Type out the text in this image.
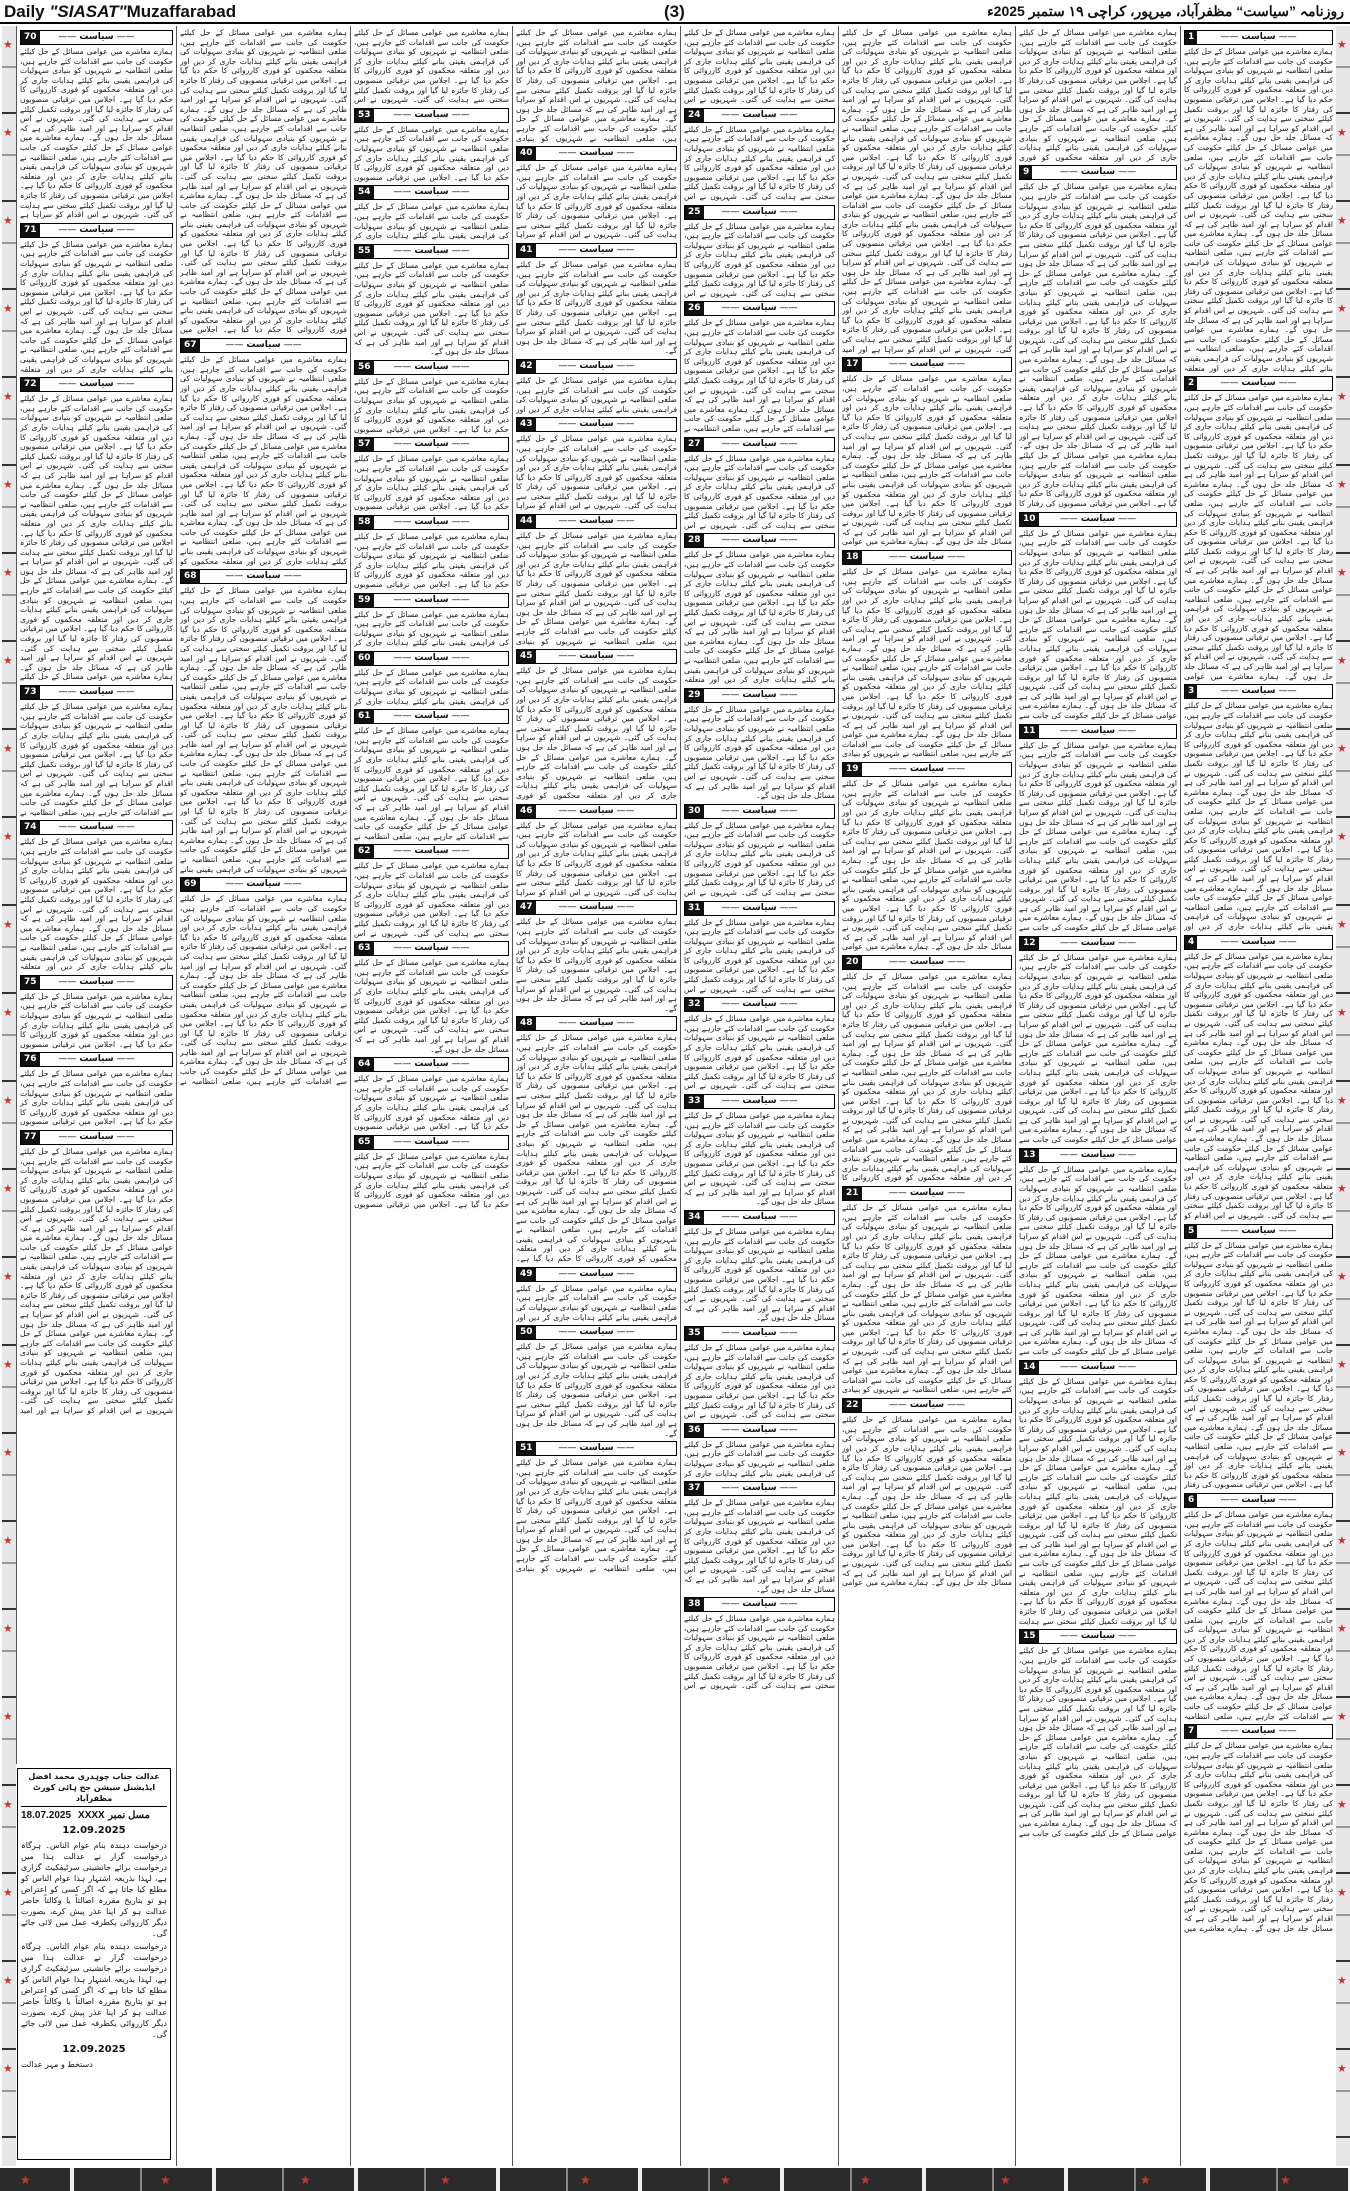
Daily "SIASAT"Muzaffarabad	(3)	روزنامہ ”سیاست“ مظفرآباد، میرپور، کراچی ۱۹ ستمبر 2025ء
★
★
★
★
★
★
★
★
★
★
★
★
★
★
★
★
★
★
★
★
★
★
★
★
★
★
★
★
★
★
★
★
★
★
★
★
★
★
★
★
★
★
★
★
★
★
★
★
—— سیاست ——
1

ہمارے معاشرے میں عوامی مسائل کے حل کیلئے حکومت کی جانب سے اقدامات کئے جارہے ہیں، ضلعی انتظامیہ نے شہریوں کو بنیادی سہولیات کی فراہمی یقینی بنانے کیلئے ہدایات جاری کر دیں اور متعلقہ محکموں کو فوری کارروائی کا حکم دیا گیا ہے۔ اجلاس میں ترقیاتی منصوبوں کی رفتار کا جائزہ لیا گیا اور بروقت تکمیل کیلئے سختی سے ہدایت کی گئی۔ شہریوں نے اس اقدام کو سراہا ہے اور امید ظاہر کی ہے کہ مسائل جلد حل ہوں گے۔ ہمارے معاشرے میں عوامی مسائل کے حل کیلئے حکومت کی جانب سے اقدامات کئے جارہے ہیں، ضلعی انتظامیہ نے شہریوں کو بنیادی سہولیات کی فراہمی یقینی بنانے کیلئے ہدایات جاری کر دیں اور متعلقہ محکموں کو فوری کارروائی کا حکم دیا گیا ہے۔ اجلاس میں ترقیاتی منصوبوں کی رفتار کا جائزہ لیا گیا اور بروقت تکمیل کیلئے سختی سے ہدایت کی گئی۔ شہریوں نے اس اقدام کو سراہا ہے اور امید ظاہر کی ہے کہ مسائل جلد حل ہوں گے۔ ہمارے معاشرے میں عوامی مسائل کے حل کیلئے حکومت کی جانب سے اقدامات کئے جارہے ہیں، ضلعی انتظامیہ نے شہریوں کو بنیادی سہولیات کی فراہمی یقینی بنانے کیلئے ہدایات جاری کر دیں اور متعلقہ محکموں کو فوری کارروائی کا حکم دیا گیا ہے۔ اجلاس میں ترقیاتی منصوبوں کی رفتار کا جائزہ لیا گیا اور بروقت تکمیل کیلئے سختی سے ہدایت کی گئی۔ شہریوں نے اس اقدام کو سراہا ہے اور امید ظاہر کی ہے کہ مسائل جلد حل ہوں گے۔ ہمارے معاشرے میں عوامی مسائل کے حل کیلئے حکومت کی جانب سے اقدامات کئے جارہے ہیں، ضلعی انتظامیہ نے شہریوں کو بنیادی سہولیات کی فراہمی یقینی بنانے کیلئے ہدایات جاری کر دیں اور متعلقہ

—— سیاست ——
2

ہمارے معاشرے میں عوامی مسائل کے حل کیلئے حکومت کی جانب سے اقدامات کئے جارہے ہیں، ضلعی انتظامیہ نے شہریوں کو بنیادی سہولیات کی فراہمی یقینی بنانے کیلئے ہدایات جاری کر دیں اور متعلقہ محکموں کو فوری کارروائی کا حکم دیا گیا ہے۔ اجلاس میں ترقیاتی منصوبوں کی رفتار کا جائزہ لیا گیا اور بروقت تکمیل کیلئے سختی سے ہدایت کی گئی۔ شہریوں نے اس اقدام کو سراہا ہے اور امید ظاہر کی ہے کہ مسائل جلد حل ہوں گے۔ ہمارے معاشرے میں عوامی مسائل کے حل کیلئے حکومت کی جانب سے اقدامات کئے جارہے ہیں، ضلعی انتظامیہ نے شہریوں کو بنیادی سہولیات کی فراہمی یقینی بنانے کیلئے ہدایات جاری کر دیں اور متعلقہ محکموں کو فوری کارروائی کا حکم دیا گیا ہے۔ اجلاس میں ترقیاتی منصوبوں کی رفتار کا جائزہ لیا گیا اور بروقت تکمیل کیلئے سختی سے ہدایت کی گئی۔ شہریوں نے اس اقدام کو سراہا ہے اور امید ظاہر کی ہے کہ مسائل جلد حل ہوں گے۔ ہمارے معاشرے میں عوامی مسائل کے حل کیلئے حکومت کی جانب سے اقدامات کئے جارہے ہیں، ضلعی انتظامیہ نے شہریوں کو بنیادی سہولیات کی فراہمی یقینی بنانے کیلئے ہدایات جاری کر دیں اور متعلقہ محکموں کو فوری کارروائی کا حکم دیا گیا ہے۔ اجلاس میں ترقیاتی منصوبوں کی رفتار کا جائزہ لیا گیا اور بروقت تکمیل کیلئے سختی سے ہدایت کی گئی۔ شہریوں نے اس اقدام کو سراہا ہے اور امید ظاہر کی ہے کہ مسائل جلد حل ہوں گے۔ ہمارے معاشرے میں عوامی

—— سیاست ——
3

ہمارے معاشرے میں عوامی مسائل کے حل کیلئے حکومت کی جانب سے اقدامات کئے جارہے ہیں، ضلعی انتظامیہ نے شہریوں کو بنیادی سہولیات کی فراہمی یقینی بنانے کیلئے ہدایات جاری کر دیں اور متعلقہ محکموں کو فوری کارروائی کا حکم دیا گیا ہے۔ اجلاس میں ترقیاتی منصوبوں کی رفتار کا جائزہ لیا گیا اور بروقت تکمیل کیلئے سختی سے ہدایت کی گئی۔ شہریوں نے اس اقدام کو سراہا ہے اور امید ظاہر کی ہے کہ مسائل جلد حل ہوں گے۔ ہمارے معاشرے میں عوامی مسائل کے حل کیلئے حکومت کی جانب سے اقدامات کئے جارہے ہیں، ضلعی انتظامیہ نے شہریوں کو بنیادی سہولیات کی فراہمی یقینی بنانے کیلئے ہدایات جاری کر دیں اور متعلقہ محکموں کو فوری کارروائی کا حکم دیا گیا ہے۔ اجلاس میں ترقیاتی منصوبوں کی رفتار کا جائزہ لیا گیا اور بروقت تکمیل کیلئے سختی سے ہدایت کی گئی۔ شہریوں نے اس اقدام کو سراہا ہے اور امید ظاہر کی ہے کہ مسائل جلد حل ہوں گے۔ ہمارے معاشرے میں عوامی مسائل کے حل کیلئے حکومت کی جانب سے اقدامات کئے جارہے ہیں، ضلعی انتظامیہ نے شہریوں کو بنیادی سہولیات کی فراہمی یقینی بنانے کیلئے ہدایات جاری کر دیں اور

—— سیاست ——
4

ہمارے معاشرے میں عوامی مسائل کے حل کیلئے حکومت کی جانب سے اقدامات کئے جارہے ہیں، ضلعی انتظامیہ نے شہریوں کو بنیادی سہولیات کی فراہمی یقینی بنانے کیلئے ہدایات جاری کر دیں اور متعلقہ محکموں کو فوری کارروائی کا حکم دیا گیا ہے۔ اجلاس میں ترقیاتی منصوبوں کی رفتار کا جائزہ لیا گیا اور بروقت تکمیل کیلئے سختی سے ہدایت کی گئی۔ شہریوں نے اس اقدام کو سراہا ہے اور امید ظاہر کی ہے کہ مسائل جلد حل ہوں گے۔ ہمارے معاشرے میں عوامی مسائل کے حل کیلئے حکومت کی جانب سے اقدامات کئے جارہے ہیں، ضلعی انتظامیہ نے شہریوں کو بنیادی سہولیات کی فراہمی یقینی بنانے کیلئے ہدایات جاری کر دیں اور متعلقہ محکموں کو فوری کارروائی کا حکم دیا گیا ہے۔ اجلاس میں ترقیاتی منصوبوں کی رفتار کا جائزہ لیا گیا اور بروقت تکمیل کیلئے سختی سے ہدایت کی گئی۔ شہریوں نے اس اقدام کو سراہا ہے اور امید ظاہر کی ہے کہ مسائل جلد حل ہوں گے۔ ہمارے معاشرے میں عوامی مسائل کے حل کیلئے حکومت کی جانب سے اقدامات کئے جارہے ہیں، ضلعی انتظامیہ نے شہریوں کو بنیادی سہولیات کی فراہمی یقینی بنانے کیلئے ہدایات جاری کر دیں اور متعلقہ محکموں کو فوری کارروائی کا حکم دیا گیا ہے۔ اجلاس میں ترقیاتی منصوبوں کی رفتار کا جائزہ لیا گیا اور بروقت تکمیل کیلئے سختی سے ہدایت کی گئی۔ شہریوں نے اس اقدام کو

—— سیاست ——
5

ہمارے معاشرے میں عوامی مسائل کے حل کیلئے حکومت کی جانب سے اقدامات کئے جارہے ہیں، ضلعی انتظامیہ نے شہریوں کو بنیادی سہولیات کی فراہمی یقینی بنانے کیلئے ہدایات جاری کر دیں اور متعلقہ محکموں کو فوری کارروائی کا حکم دیا گیا ہے۔ اجلاس میں ترقیاتی منصوبوں کی رفتار کا جائزہ لیا گیا اور بروقت تکمیل کیلئے سختی سے ہدایت کی گئی۔ شہریوں نے اس اقدام کو سراہا ہے اور امید ظاہر کی ہے کہ مسائل جلد حل ہوں گے۔ ہمارے معاشرے میں عوامی مسائل کے حل کیلئے حکومت کی جانب سے اقدامات کئے جارہے ہیں، ضلعی انتظامیہ نے شہریوں کو بنیادی سہولیات کی فراہمی یقینی بنانے کیلئے ہدایات جاری کر دیں اور متعلقہ محکموں کو فوری کارروائی کا حکم دیا گیا ہے۔ اجلاس میں ترقیاتی منصوبوں کی رفتار کا جائزہ لیا گیا اور بروقت تکمیل کیلئے سختی سے ہدایت کی گئی۔ شہریوں نے اس اقدام کو سراہا ہے اور امید ظاہر کی ہے کہ مسائل جلد حل ہوں گے۔ ہمارے معاشرے میں عوامی مسائل کے حل کیلئے حکومت کی جانب سے اقدامات کئے جارہے ہیں، ضلعی انتظامیہ نے شہریوں کو بنیادی سہولیات کی فراہمی یقینی بنانے کیلئے ہدایات جاری کر دیں اور متعلقہ محکموں کو فوری کارروائی کا حکم دیا گیا ہے۔ اجلاس میں ترقیاتی منصوبوں کی رفتار

—— سیاست ——
6

ہمارے معاشرے میں عوامی مسائل کے حل کیلئے حکومت کی جانب سے اقدامات کئے جارہے ہیں، ضلعی انتظامیہ نے شہریوں کو بنیادی سہولیات کی فراہمی یقینی بنانے کیلئے ہدایات جاری کر دیں اور متعلقہ محکموں کو فوری کارروائی کا حکم دیا گیا ہے۔ اجلاس میں ترقیاتی منصوبوں کی رفتار کا جائزہ لیا گیا اور بروقت تکمیل کیلئے سختی سے ہدایت کی گئی۔ شہریوں نے اس اقدام کو سراہا ہے اور امید ظاہر کی ہے کہ مسائل جلد حل ہوں گے۔ ہمارے معاشرے میں عوامی مسائل کے حل کیلئے حکومت کی جانب سے اقدامات کئے جارہے ہیں، ضلعی انتظامیہ نے شہریوں کو بنیادی سہولیات کی فراہمی یقینی بنانے کیلئے ہدایات جاری کر دیں اور متعلقہ محکموں کو فوری کارروائی کا حکم دیا گیا ہے۔ اجلاس میں ترقیاتی منصوبوں کی رفتار کا جائزہ لیا گیا اور بروقت تکمیل کیلئے سختی سے ہدایت کی گئی۔ شہریوں نے اس اقدام کو سراہا ہے اور امید ظاہر کی ہے کہ مسائل جلد حل ہوں گے۔ ہمارے معاشرے میں عوامی مسائل کے حل کیلئے حکومت کی جانب سے اقدامات کئے جارہے ہیں، ضلعی انتظامیہ

—— سیاست ——
7

ہمارے معاشرے میں عوامی مسائل کے حل کیلئے حکومت کی جانب سے اقدامات کئے جارہے ہیں، ضلعی انتظامیہ نے شہریوں کو بنیادی سہولیات کی فراہمی یقینی بنانے کیلئے ہدایات جاری کر دیں اور متعلقہ محکموں کو فوری کارروائی کا حکم دیا گیا ہے۔ اجلاس میں ترقیاتی منصوبوں کی رفتار کا جائزہ لیا گیا اور بروقت تکمیل کیلئے سختی سے ہدایت کی گئی۔ شہریوں نے اس اقدام کو سراہا ہے اور امید ظاہر کی ہے کہ مسائل جلد حل ہوں گے۔ ہمارے معاشرے میں عوامی مسائل کے حل کیلئے حکومت کی جانب سے اقدامات کئے جارہے ہیں، ضلعی انتظامیہ نے شہریوں کو بنیادی سہولیات کی فراہمی یقینی بنانے کیلئے ہدایات جاری کر دیں اور متعلقہ محکموں کو فوری کارروائی کا حکم دیا گیا ہے۔ اجلاس میں ترقیاتی منصوبوں کی رفتار کا جائزہ لیا گیا اور بروقت تکمیل کیلئے سختی سے ہدایت کی گئی۔ شہریوں نے اس اقدام کو سراہا ہے اور امید ظاہر کی ہے کہ مسائل جلد حل ہوں گے۔ ہمارے معاشرے میں

ہمارے معاشرے میں عوامی مسائل کے حل کیلئے حکومت کی جانب سے اقدامات کئے جارہے ہیں، ضلعی انتظامیہ نے شہریوں کو بنیادی سہولیات کی فراہمی یقینی بنانے کیلئے ہدایات جاری کر دیں اور متعلقہ محکموں کو فوری کارروائی کا حکم دیا گیا ہے۔ اجلاس میں ترقیاتی منصوبوں کی رفتار کا جائزہ لیا گیا اور بروقت تکمیل کیلئے سختی سے ہدایت کی گئی۔ شہریوں نے اس اقدام کو سراہا ہے اور امید ظاہر کی ہے کہ مسائل جلد حل ہوں گے۔ ہمارے معاشرے میں عوامی مسائل کے حل کیلئے حکومت کی جانب سے اقدامات کئے جارہے ہیں، ضلعی انتظامیہ نے شہریوں کو بنیادی سہولیات کی فراہمی یقینی بنانے کیلئے ہدایات جاری کر دیں اور متعلقہ محکموں کو فوری

—— سیاست ——
9

ہمارے معاشرے میں عوامی مسائل کے حل کیلئے حکومت کی جانب سے اقدامات کئے جارہے ہیں، ضلعی انتظامیہ نے شہریوں کو بنیادی سہولیات کی فراہمی یقینی بنانے کیلئے ہدایات جاری کر دیں اور متعلقہ محکموں کو فوری کارروائی کا حکم دیا گیا ہے۔ اجلاس میں ترقیاتی منصوبوں کی رفتار کا جائزہ لیا گیا اور بروقت تکمیل کیلئے سختی سے ہدایت کی گئی۔ شہریوں نے اس اقدام کو سراہا ہے اور امید ظاہر کی ہے کہ مسائل جلد حل ہوں گے۔ ہمارے معاشرے میں عوامی مسائل کے حل کیلئے حکومت کی جانب سے اقدامات کئے جارہے ہیں، ضلعی انتظامیہ نے شہریوں کو بنیادی سہولیات کی فراہمی یقینی بنانے کیلئے ہدایات جاری کر دیں اور متعلقہ محکموں کو فوری کارروائی کا حکم دیا گیا ہے۔ اجلاس میں ترقیاتی منصوبوں کی رفتار کا جائزہ لیا گیا اور بروقت تکمیل کیلئے سختی سے ہدایت کی گئی۔ شہریوں نے اس اقدام کو سراہا ہے اور امید ظاہر کی ہے کہ مسائل جلد حل ہوں گے۔ ہمارے معاشرے میں عوامی مسائل کے حل کیلئے حکومت کی جانب سے اقدامات کئے جارہے ہیں، ضلعی انتظامیہ نے شہریوں کو بنیادی سہولیات کی فراہمی یقینی بنانے کیلئے ہدایات جاری کر دیں اور متعلقہ محکموں کو فوری کارروائی کا حکم دیا گیا ہے۔ اجلاس میں ترقیاتی منصوبوں کی رفتار کا جائزہ لیا گیا اور بروقت تکمیل کیلئے سختی سے ہدایت کی گئی۔ شہریوں نے اس اقدام کو سراہا ہے اور امید ظاہر کی ہے کہ مسائل جلد حل ہوں گے۔ ہمارے معاشرے میں عوامی مسائل کے حل کیلئے حکومت کی جانب سے اقدامات کئے جارہے ہیں، ضلعی انتظامیہ نے شہریوں کو بنیادی سہولیات کی فراہمی یقینی بنانے کیلئے ہدایات جاری کر دیں اور متعلقہ محکموں کو فوری کارروائی کا حکم دیا گیا ہے۔ اجلاس میں ترقیاتی منصوبوں کی رفتار کا

—— سیاست ——
10

ہمارے معاشرے میں عوامی مسائل کے حل کیلئے حکومت کی جانب سے اقدامات کئے جارہے ہیں، ضلعی انتظامیہ نے شہریوں کو بنیادی سہولیات کی فراہمی یقینی بنانے کیلئے ہدایات جاری کر دیں اور متعلقہ محکموں کو فوری کارروائی کا حکم دیا گیا ہے۔ اجلاس میں ترقیاتی منصوبوں کی رفتار کا جائزہ لیا گیا اور بروقت تکمیل کیلئے سختی سے ہدایت کی گئی۔ شہریوں نے اس اقدام کو سراہا ہے اور امید ظاہر کی ہے کہ مسائل جلد حل ہوں گے۔ ہمارے معاشرے میں عوامی مسائل کے حل کیلئے حکومت کی جانب سے اقدامات کئے جارہے ہیں، ضلعی انتظامیہ نے شہریوں کو بنیادی سہولیات کی فراہمی یقینی بنانے کیلئے ہدایات جاری کر دیں اور متعلقہ محکموں کو فوری کارروائی کا حکم دیا گیا ہے۔ اجلاس میں ترقیاتی منصوبوں کی رفتار کا جائزہ لیا گیا اور بروقت تکمیل کیلئے سختی سے ہدایت کی گئی۔ شہریوں نے اس اقدام کو سراہا ہے اور امید ظاہر کی ہے کہ مسائل جلد حل ہوں گے۔ ہمارے معاشرے میں عوامی مسائل کے حل کیلئے حکومت کی جانب سے

—— سیاست ——
11

ہمارے معاشرے میں عوامی مسائل کے حل کیلئے حکومت کی جانب سے اقدامات کئے جارہے ہیں، ضلعی انتظامیہ نے شہریوں کو بنیادی سہولیات کی فراہمی یقینی بنانے کیلئے ہدایات جاری کر دیں اور متعلقہ محکموں کو فوری کارروائی کا حکم دیا گیا ہے۔ اجلاس میں ترقیاتی منصوبوں کی رفتار کا جائزہ لیا گیا اور بروقت تکمیل کیلئے سختی سے ہدایت کی گئی۔ شہریوں نے اس اقدام کو سراہا ہے اور امید ظاہر کی ہے کہ مسائل جلد حل ہوں گے۔ ہمارے معاشرے میں عوامی مسائل کے حل کیلئے حکومت کی جانب سے اقدامات کئے جارہے ہیں، ضلعی انتظامیہ نے شہریوں کو بنیادی سہولیات کی فراہمی یقینی بنانے کیلئے ہدایات جاری کر دیں اور متعلقہ محکموں کو فوری کارروائی کا حکم دیا گیا ہے۔ اجلاس میں ترقیاتی منصوبوں کی رفتار کا جائزہ لیا گیا اور بروقت تکمیل کیلئے سختی سے ہدایت کی گئی۔ شہریوں نے اس اقدام کو سراہا ہے اور امید ظاہر کی ہے کہ مسائل جلد حل ہوں گے۔ ہمارے معاشرے میں عوامی مسائل کے حل کیلئے حکومت کی جانب سے

—— سیاست ——
12

ہمارے معاشرے میں عوامی مسائل کے حل کیلئے حکومت کی جانب سے اقدامات کئے جارہے ہیں، ضلعی انتظامیہ نے شہریوں کو بنیادی سہولیات کی فراہمی یقینی بنانے کیلئے ہدایات جاری کر دیں اور متعلقہ محکموں کو فوری کارروائی کا حکم دیا گیا ہے۔ اجلاس میں ترقیاتی منصوبوں کی رفتار کا جائزہ لیا گیا اور بروقت تکمیل کیلئے سختی سے ہدایت کی گئی۔ شہریوں نے اس اقدام کو سراہا ہے اور امید ظاہر کی ہے کہ مسائل جلد حل ہوں گے۔ ہمارے معاشرے میں عوامی مسائل کے حل کیلئے حکومت کی جانب سے اقدامات کئے جارہے ہیں، ضلعی انتظامیہ نے شہریوں کو بنیادی سہولیات کی فراہمی یقینی بنانے کیلئے ہدایات جاری کر دیں اور متعلقہ محکموں کو فوری کارروائی کا حکم دیا گیا ہے۔ اجلاس میں ترقیاتی منصوبوں کی رفتار کا جائزہ لیا گیا اور بروقت تکمیل کیلئے سختی سے ہدایت کی گئی۔ شہریوں نے اس اقدام کو سراہا ہے اور امید ظاہر کی ہے کہ مسائل جلد حل ہوں گے۔ ہمارے معاشرے میں عوامی مسائل کے حل کیلئے حکومت کی جانب سے

—— سیاست ——
13

ہمارے معاشرے میں عوامی مسائل کے حل کیلئے حکومت کی جانب سے اقدامات کئے جارہے ہیں، ضلعی انتظامیہ نے شہریوں کو بنیادی سہولیات کی فراہمی یقینی بنانے کیلئے ہدایات جاری کر دیں اور متعلقہ محکموں کو فوری کارروائی کا حکم دیا گیا ہے۔ اجلاس میں ترقیاتی منصوبوں کی رفتار کا جائزہ لیا گیا اور بروقت تکمیل کیلئے سختی سے ہدایت کی گئی۔ شہریوں نے اس اقدام کو سراہا ہے اور امید ظاہر کی ہے کہ مسائل جلد حل ہوں گے۔ ہمارے معاشرے میں عوامی مسائل کے حل کیلئے حکومت کی جانب سے اقدامات کئے جارہے ہیں، ضلعی انتظامیہ نے شہریوں کو بنیادی سہولیات کی فراہمی یقینی بنانے کیلئے ہدایات جاری کر دیں اور متعلقہ محکموں کو فوری کارروائی کا حکم دیا گیا ہے۔ اجلاس میں ترقیاتی منصوبوں کی رفتار کا جائزہ لیا گیا اور بروقت تکمیل کیلئے سختی سے ہدایت کی گئی۔ شہریوں نے اس اقدام کو سراہا ہے اور امید ظاہر کی ہے کہ مسائل جلد حل ہوں گے۔ ہمارے معاشرے میں عوامی مسائل کے حل کیلئے حکومت کی جانب سے

—— سیاست ——
14

ہمارے معاشرے میں عوامی مسائل کے حل کیلئے حکومت کی جانب سے اقدامات کئے جارہے ہیں، ضلعی انتظامیہ نے شہریوں کو بنیادی سہولیات کی فراہمی یقینی بنانے کیلئے ہدایات جاری کر دیں اور متعلقہ محکموں کو فوری کارروائی کا حکم دیا گیا ہے۔ اجلاس میں ترقیاتی منصوبوں کی رفتار کا جائزہ لیا گیا اور بروقت تکمیل کیلئے سختی سے ہدایت کی گئی۔ شہریوں نے اس اقدام کو سراہا ہے اور امید ظاہر کی ہے کہ مسائل جلد حل ہوں گے۔ ہمارے معاشرے میں عوامی مسائل کے حل کیلئے حکومت کی جانب سے اقدامات کئے جارہے ہیں، ضلعی انتظامیہ نے شہریوں کو بنیادی سہولیات کی فراہمی یقینی بنانے کیلئے ہدایات جاری کر دیں اور متعلقہ محکموں کو فوری کارروائی کا حکم دیا گیا ہے۔ اجلاس میں ترقیاتی منصوبوں کی رفتار کا جائزہ لیا گیا اور بروقت تکمیل کیلئے سختی سے ہدایت کی گئی۔ شہریوں نے اس اقدام کو سراہا ہے اور امید ظاہر کی ہے کہ مسائل جلد حل ہوں گے۔ ہمارے معاشرے میں عوامی مسائل کے حل کیلئے حکومت کی جانب سے اقدامات کئے جارہے ہیں، ضلعی انتظامیہ نے شہریوں کو بنیادی سہولیات کی فراہمی یقینی بنانے کیلئے ہدایات جاری کر دیں اور متعلقہ محکموں کو فوری کارروائی کا حکم دیا گیا ہے۔ اجلاس میں ترقیاتی منصوبوں کی رفتار کا جائزہ لیا گیا اور بروقت تکمیل کیلئے سختی سے ہدایت

—— سیاست ——
15

ہمارے معاشرے میں عوامی مسائل کے حل کیلئے حکومت کی جانب سے اقدامات کئے جارہے ہیں، ضلعی انتظامیہ نے شہریوں کو بنیادی سہولیات کی فراہمی یقینی بنانے کیلئے ہدایات جاری کر دیں اور متعلقہ محکموں کو فوری کارروائی کا حکم دیا گیا ہے۔ اجلاس میں ترقیاتی منصوبوں کی رفتار کا جائزہ لیا گیا اور بروقت تکمیل کیلئے سختی سے ہدایت کی گئی۔ شہریوں نے اس اقدام کو سراہا ہے اور امید ظاہر کی ہے کہ مسائل جلد حل ہوں گے۔ ہمارے معاشرے میں عوامی مسائل کے حل کیلئے حکومت کی جانب سے اقدامات کئے جارہے ہیں، ضلعی انتظامیہ نے شہریوں کو بنیادی سہولیات کی فراہمی یقینی بنانے کیلئے ہدایات جاری کر دیں اور متعلقہ محکموں کو فوری کارروائی کا حکم دیا گیا ہے۔ اجلاس میں ترقیاتی منصوبوں کی رفتار کا جائزہ لیا گیا اور بروقت تکمیل کیلئے سختی سے ہدایت کی گئی۔ شہریوں نے اس اقدام کو سراہا ہے اور امید ظاہر کی ہے کہ مسائل جلد حل ہوں گے۔ ہمارے معاشرے میں عوامی مسائل کے حل کیلئے حکومت کی جانب سے

ہمارے معاشرے میں عوامی مسائل کے حل کیلئے حکومت کی جانب سے اقدامات کئے جارہے ہیں، ضلعی انتظامیہ نے شہریوں کو بنیادی سہولیات کی فراہمی یقینی بنانے کیلئے ہدایات جاری کر دیں اور متعلقہ محکموں کو فوری کارروائی کا حکم دیا گیا ہے۔ اجلاس میں ترقیاتی منصوبوں کی رفتار کا جائزہ لیا گیا اور بروقت تکمیل کیلئے سختی سے ہدایت کی گئی۔ شہریوں نے اس اقدام کو سراہا ہے اور امید ظاہر کی ہے کہ مسائل جلد حل ہوں گے۔ ہمارے معاشرے میں عوامی مسائل کے حل کیلئے حکومت کی جانب سے اقدامات کئے جارہے ہیں، ضلعی انتظامیہ نے شہریوں کو بنیادی سہولیات کی فراہمی یقینی بنانے کیلئے ہدایات جاری کر دیں اور متعلقہ محکموں کو فوری کارروائی کا حکم دیا گیا ہے۔ اجلاس میں ترقیاتی منصوبوں کی رفتار کا جائزہ لیا گیا اور بروقت تکمیل کیلئے سختی سے ہدایت کی گئی۔ شہریوں نے اس اقدام کو سراہا ہے اور امید ظاہر کی ہے کہ مسائل جلد حل ہوں گے۔ ہمارے معاشرے میں عوامی مسائل کے حل کیلئے حکومت کی جانب سے اقدامات کئے جارہے ہیں، ضلعی انتظامیہ نے شہریوں کو بنیادی سہولیات کی فراہمی یقینی بنانے کیلئے ہدایات جاری کر دیں اور متعلقہ محکموں کو فوری کارروائی کا حکم دیا گیا ہے۔ اجلاس میں ترقیاتی منصوبوں کی رفتار کا جائزہ لیا گیا اور بروقت تکمیل کیلئے سختی سے ہدایت کی گئی۔ شہریوں نے اس اقدام کو سراہا ہے اور امید ظاہر کی ہے کہ مسائل جلد حل ہوں گے۔ ہمارے معاشرے میں عوامی مسائل کے حل کیلئے حکومت کی جانب سے اقدامات کئے جارہے ہیں، ضلعی انتظامیہ نے شہریوں کو بنیادی سہولیات کی فراہمی یقینی بنانے کیلئے ہدایات جاری کر دیں اور متعلقہ محکموں کو فوری کارروائی کا حکم دیا گیا ہے۔ اجلاس میں ترقیاتی منصوبوں کی رفتار کا جائزہ لیا گیا اور بروقت تکمیل کیلئے سختی سے ہدایت کی گئی۔ شہریوں نے اس اقدام کو سراہا ہے اور امید

—— سیاست ——
17

ہمارے معاشرے میں عوامی مسائل کے حل کیلئے حکومت کی جانب سے اقدامات کئے جارہے ہیں، ضلعی انتظامیہ نے شہریوں کو بنیادی سہولیات کی فراہمی یقینی بنانے کیلئے ہدایات جاری کر دیں اور متعلقہ محکموں کو فوری کارروائی کا حکم دیا گیا ہے۔ اجلاس میں ترقیاتی منصوبوں کی رفتار کا جائزہ لیا گیا اور بروقت تکمیل کیلئے سختی سے ہدایت کی گئی۔ شہریوں نے اس اقدام کو سراہا ہے اور امید ظاہر کی ہے کہ مسائل جلد حل ہوں گے۔ ہمارے معاشرے میں عوامی مسائل کے حل کیلئے حکومت کی جانب سے اقدامات کئے جارہے ہیں، ضلعی انتظامیہ نے شہریوں کو بنیادی سہولیات کی فراہمی یقینی بنانے کیلئے ہدایات جاری کر دیں اور متعلقہ محکموں کو فوری کارروائی کا حکم دیا گیا ہے۔ اجلاس میں ترقیاتی منصوبوں کی رفتار کا جائزہ لیا گیا اور بروقت تکمیل کیلئے سختی سے ہدایت کی گئی۔ شہریوں نے اس اقدام کو سراہا ہے اور امید ظاہر کی ہے کہ مسائل جلد حل ہوں گے۔ ہمارے معاشرے میں عوامی

—— سیاست ——
18

ہمارے معاشرے میں عوامی مسائل کے حل کیلئے حکومت کی جانب سے اقدامات کئے جارہے ہیں، ضلعی انتظامیہ نے شہریوں کو بنیادی سہولیات کی فراہمی یقینی بنانے کیلئے ہدایات جاری کر دیں اور متعلقہ محکموں کو فوری کارروائی کا حکم دیا گیا ہے۔ اجلاس میں ترقیاتی منصوبوں کی رفتار کا جائزہ لیا گیا اور بروقت تکمیل کیلئے سختی سے ہدایت کی گئی۔ شہریوں نے اس اقدام کو سراہا ہے اور امید ظاہر کی ہے کہ مسائل جلد حل ہوں گے۔ ہمارے معاشرے میں عوامی مسائل کے حل کیلئے حکومت کی جانب سے اقدامات کئے جارہے ہیں، ضلعی انتظامیہ نے شہریوں کو بنیادی سہولیات کی فراہمی یقینی بنانے کیلئے ہدایات جاری کر دیں اور متعلقہ محکموں کو فوری کارروائی کا حکم دیا گیا ہے۔ اجلاس میں ترقیاتی منصوبوں کی رفتار کا جائزہ لیا گیا اور بروقت تکمیل کیلئے سختی سے ہدایت کی گئی۔ شہریوں نے اس اقدام کو سراہا ہے اور امید ظاہر کی ہے کہ مسائل جلد حل ہوں گے۔ ہمارے معاشرے میں عوامی مسائل کے حل کیلئے حکومت کی جانب سے اقدامات کئے جارہے ہیں، ضلعی انتظامیہ نے شہریوں کو بنیادی

—— سیاست ——
19

ہمارے معاشرے میں عوامی مسائل کے حل کیلئے حکومت کی جانب سے اقدامات کئے جارہے ہیں، ضلعی انتظامیہ نے شہریوں کو بنیادی سہولیات کی فراہمی یقینی بنانے کیلئے ہدایات جاری کر دیں اور متعلقہ محکموں کو فوری کارروائی کا حکم دیا گیا ہے۔ اجلاس میں ترقیاتی منصوبوں کی رفتار کا جائزہ لیا گیا اور بروقت تکمیل کیلئے سختی سے ہدایت کی گئی۔ شہریوں نے اس اقدام کو سراہا ہے اور امید ظاہر کی ہے کہ مسائل جلد حل ہوں گے۔ ہمارے معاشرے میں عوامی مسائل کے حل کیلئے حکومت کی جانب سے اقدامات کئے جارہے ہیں، ضلعی انتظامیہ نے شہریوں کو بنیادی سہولیات کی فراہمی یقینی بنانے کیلئے ہدایات جاری کر دیں اور متعلقہ محکموں کو فوری کارروائی کا حکم دیا گیا ہے۔ اجلاس میں ترقیاتی منصوبوں کی رفتار کا جائزہ لیا گیا اور بروقت تکمیل کیلئے سختی سے ہدایت کی گئی۔ شہریوں نے اس اقدام کو سراہا ہے اور امید ظاہر کی ہے کہ مسائل جلد حل ہوں گے۔ ہمارے معاشرے میں عوامی

—— سیاست ——
20

ہمارے معاشرے میں عوامی مسائل کے حل کیلئے حکومت کی جانب سے اقدامات کئے جارہے ہیں، ضلعی انتظامیہ نے شہریوں کو بنیادی سہولیات کی فراہمی یقینی بنانے کیلئے ہدایات جاری کر دیں اور متعلقہ محکموں کو فوری کارروائی کا حکم دیا گیا ہے۔ اجلاس میں ترقیاتی منصوبوں کی رفتار کا جائزہ لیا گیا اور بروقت تکمیل کیلئے سختی سے ہدایت کی گئی۔ شہریوں نے اس اقدام کو سراہا ہے اور امید ظاہر کی ہے کہ مسائل جلد حل ہوں گے۔ ہمارے معاشرے میں عوامی مسائل کے حل کیلئے حکومت کی جانب سے اقدامات کئے جارہے ہیں، ضلعی انتظامیہ نے شہریوں کو بنیادی سہولیات کی فراہمی یقینی بنانے کیلئے ہدایات جاری کر دیں اور متعلقہ محکموں کو فوری کارروائی کا حکم دیا گیا ہے۔ اجلاس میں ترقیاتی منصوبوں کی رفتار کا جائزہ لیا گیا اور بروقت تکمیل کیلئے سختی سے ہدایت کی گئی۔ شہریوں نے اس اقدام کو سراہا ہے اور امید ظاہر کی ہے کہ مسائل جلد حل ہوں گے۔ ہمارے معاشرے میں عوامی مسائل کے حل کیلئے حکومت کی جانب سے اقدامات کئے جارہے ہیں، ضلعی انتظامیہ نے شہریوں کو بنیادی سہولیات کی فراہمی یقینی بنانے کیلئے ہدایات جاری کر دیں اور متعلقہ محکموں کو فوری کارروائی کا

—— سیاست ——
21

ہمارے معاشرے میں عوامی مسائل کے حل کیلئے حکومت کی جانب سے اقدامات کئے جارہے ہیں، ضلعی انتظامیہ نے شہریوں کو بنیادی سہولیات کی فراہمی یقینی بنانے کیلئے ہدایات جاری کر دیں اور متعلقہ محکموں کو فوری کارروائی کا حکم دیا گیا ہے۔ اجلاس میں ترقیاتی منصوبوں کی رفتار کا جائزہ لیا گیا اور بروقت تکمیل کیلئے سختی سے ہدایت کی گئی۔ شہریوں نے اس اقدام کو سراہا ہے اور امید ظاہر کی ہے کہ مسائل جلد حل ہوں گے۔ ہمارے معاشرے میں عوامی مسائل کے حل کیلئے حکومت کی جانب سے اقدامات کئے جارہے ہیں، ضلعی انتظامیہ نے شہریوں کو بنیادی سہولیات کی فراہمی یقینی بنانے کیلئے ہدایات جاری کر دیں اور متعلقہ محکموں کو فوری کارروائی کا حکم دیا گیا ہے۔ اجلاس میں ترقیاتی منصوبوں کی رفتار کا جائزہ لیا گیا اور بروقت تکمیل کیلئے سختی سے ہدایت کی گئی۔ شہریوں نے اس اقدام کو سراہا ہے اور امید ظاہر کی ہے کہ مسائل جلد حل ہوں گے۔ ہمارے معاشرے میں عوامی مسائل کے حل کیلئے حکومت کی جانب سے اقدامات کئے جارہے ہیں، ضلعی انتظامیہ نے شہریوں کو بنیادی

—— سیاست ——
22

ہمارے معاشرے میں عوامی مسائل کے حل کیلئے حکومت کی جانب سے اقدامات کئے جارہے ہیں، ضلعی انتظامیہ نے شہریوں کو بنیادی سہولیات کی فراہمی یقینی بنانے کیلئے ہدایات جاری کر دیں اور متعلقہ محکموں کو فوری کارروائی کا حکم دیا گیا ہے۔ اجلاس میں ترقیاتی منصوبوں کی رفتار کا جائزہ لیا گیا اور بروقت تکمیل کیلئے سختی سے ہدایت کی گئی۔ شہریوں نے اس اقدام کو سراہا ہے اور امید ظاہر کی ہے کہ مسائل جلد حل ہوں گے۔ ہمارے معاشرے میں عوامی مسائل کے حل کیلئے حکومت کی جانب سے اقدامات کئے جارہے ہیں، ضلعی انتظامیہ نے شہریوں کو بنیادی سہولیات کی فراہمی یقینی بنانے کیلئے ہدایات جاری کر دیں اور متعلقہ محکموں کو فوری کارروائی کا حکم دیا گیا ہے۔ اجلاس میں ترقیاتی منصوبوں کی رفتار کا جائزہ لیا گیا اور بروقت تکمیل کیلئے سختی سے ہدایت کی گئی۔ شہریوں نے اس اقدام کو سراہا ہے اور امید ظاہر کی ہے کہ مسائل جلد حل ہوں گے۔ ہمارے معاشرے میں عوامی

ہمارے معاشرے میں عوامی مسائل کے حل کیلئے حکومت کی جانب سے اقدامات کئے جارہے ہیں، ضلعی انتظامیہ نے شہریوں کو بنیادی سہولیات کی فراہمی یقینی بنانے کیلئے ہدایات جاری کر دیں اور متعلقہ محکموں کو فوری کارروائی کا حکم دیا گیا ہے۔ اجلاس میں ترقیاتی منصوبوں کی رفتار کا جائزہ لیا گیا اور بروقت تکمیل کیلئے سختی سے ہدایت کی گئی۔ شہریوں نے اس

—— سیاست ——
24

ہمارے معاشرے میں عوامی مسائل کے حل کیلئے حکومت کی جانب سے اقدامات کئے جارہے ہیں، ضلعی انتظامیہ نے شہریوں کو بنیادی سہولیات کی فراہمی یقینی بنانے کیلئے ہدایات جاری کر دیں اور متعلقہ محکموں کو فوری کارروائی کا حکم دیا گیا ہے۔ اجلاس میں ترقیاتی منصوبوں کی رفتار کا جائزہ لیا گیا اور بروقت تکمیل کیلئے سختی سے ہدایت کی گئی۔ شہریوں نے اس

—— سیاست ——
25

ہمارے معاشرے میں عوامی مسائل کے حل کیلئے حکومت کی جانب سے اقدامات کئے جارہے ہیں، ضلعی انتظامیہ نے شہریوں کو بنیادی سہولیات کی فراہمی یقینی بنانے کیلئے ہدایات جاری کر دیں اور متعلقہ محکموں کو فوری کارروائی کا حکم دیا گیا ہے۔ اجلاس میں ترقیاتی منصوبوں کی رفتار کا جائزہ لیا گیا اور بروقت تکمیل کیلئے سختی سے ہدایت کی گئی۔ شہریوں نے اس

—— سیاست ——
26

ہمارے معاشرے میں عوامی مسائل کے حل کیلئے حکومت کی جانب سے اقدامات کئے جارہے ہیں، ضلعی انتظامیہ نے شہریوں کو بنیادی سہولیات کی فراہمی یقینی بنانے کیلئے ہدایات جاری کر دیں اور متعلقہ محکموں کو فوری کارروائی کا حکم دیا گیا ہے۔ اجلاس میں ترقیاتی منصوبوں کی رفتار کا جائزہ لیا گیا اور بروقت تکمیل کیلئے سختی سے ہدایت کی گئی۔ شہریوں نے اس اقدام کو سراہا ہے اور امید ظاہر کی ہے کہ مسائل جلد حل ہوں گے۔ ہمارے معاشرے میں عوامی مسائل کے حل کیلئے حکومت کی جانب سے اقدامات کئے جارہے ہیں، ضلعی انتظامیہ نے

—— سیاست ——
27

ہمارے معاشرے میں عوامی مسائل کے حل کیلئے حکومت کی جانب سے اقدامات کئے جارہے ہیں، ضلعی انتظامیہ نے شہریوں کو بنیادی سہولیات کی فراہمی یقینی بنانے کیلئے ہدایات جاری کر دیں اور متعلقہ محکموں کو فوری کارروائی کا حکم دیا گیا ہے۔ اجلاس میں ترقیاتی منصوبوں کی رفتار کا جائزہ لیا گیا اور بروقت تکمیل کیلئے سختی سے ہدایت کی گئی۔ شہریوں نے اس

—— سیاست ——
28

ہمارے معاشرے میں عوامی مسائل کے حل کیلئے حکومت کی جانب سے اقدامات کئے جارہے ہیں، ضلعی انتظامیہ نے شہریوں کو بنیادی سہولیات کی فراہمی یقینی بنانے کیلئے ہدایات جاری کر دیں اور متعلقہ محکموں کو فوری کارروائی کا حکم دیا گیا ہے۔ اجلاس میں ترقیاتی منصوبوں کی رفتار کا جائزہ لیا گیا اور بروقت تکمیل کیلئے سختی سے ہدایت کی گئی۔ شہریوں نے اس اقدام کو سراہا ہے اور امید ظاہر کی ہے کہ مسائل جلد حل ہوں گے۔ ہمارے معاشرے میں عوامی مسائل کے حل کیلئے حکومت کی جانب سے اقدامات کئے جارہے ہیں، ضلعی انتظامیہ نے شہریوں کو بنیادی سہولیات کی فراہمی یقینی بنانے کیلئے ہدایات جاری کر دیں اور متعلقہ

—— سیاست ——
29

ہمارے معاشرے میں عوامی مسائل کے حل کیلئے حکومت کی جانب سے اقدامات کئے جارہے ہیں، ضلعی انتظامیہ نے شہریوں کو بنیادی سہولیات کی فراہمی یقینی بنانے کیلئے ہدایات جاری کر دیں اور متعلقہ محکموں کو فوری کارروائی کا حکم دیا گیا ہے۔ اجلاس میں ترقیاتی منصوبوں کی رفتار کا جائزہ لیا گیا اور بروقت تکمیل کیلئے سختی سے ہدایت کی گئی۔ شہریوں نے اس اقدام کو سراہا ہے اور امید ظاہر کی ہے کہ مسائل جلد حل ہوں گے۔

—— سیاست ——
30

ہمارے معاشرے میں عوامی مسائل کے حل کیلئے حکومت کی جانب سے اقدامات کئے جارہے ہیں، ضلعی انتظامیہ نے شہریوں کو بنیادی سہولیات کی فراہمی یقینی بنانے کیلئے ہدایات جاری کر دیں اور متعلقہ محکموں کو فوری کارروائی کا حکم دیا گیا ہے۔ اجلاس میں ترقیاتی منصوبوں کی رفتار کا جائزہ لیا گیا اور بروقت تکمیل کیلئے سختی سے ہدایت کی گئی۔ شہریوں نے اس

—— سیاست ——
31

ہمارے معاشرے میں عوامی مسائل کے حل کیلئے حکومت کی جانب سے اقدامات کئے جارہے ہیں، ضلعی انتظامیہ نے شہریوں کو بنیادی سہولیات کی فراہمی یقینی بنانے کیلئے ہدایات جاری کر دیں اور متعلقہ محکموں کو فوری کارروائی کا حکم دیا گیا ہے۔ اجلاس میں ترقیاتی منصوبوں کی رفتار کا جائزہ لیا گیا اور بروقت تکمیل کیلئے سختی سے ہدایت کی گئی۔ شہریوں نے اس

—— سیاست ——
32

ہمارے معاشرے میں عوامی مسائل کے حل کیلئے حکومت کی جانب سے اقدامات کئے جارہے ہیں، ضلعی انتظامیہ نے شہریوں کو بنیادی سہولیات کی فراہمی یقینی بنانے کیلئے ہدایات جاری کر دیں اور متعلقہ محکموں کو فوری کارروائی کا حکم دیا گیا ہے۔ اجلاس میں ترقیاتی منصوبوں کی رفتار کا جائزہ لیا گیا اور بروقت تکمیل کیلئے سختی سے ہدایت کی گئی۔ شہریوں نے اس

—— سیاست ——
33

ہمارے معاشرے میں عوامی مسائل کے حل کیلئے حکومت کی جانب سے اقدامات کئے جارہے ہیں، ضلعی انتظامیہ نے شہریوں کو بنیادی سہولیات کی فراہمی یقینی بنانے کیلئے ہدایات جاری کر دیں اور متعلقہ محکموں کو فوری کارروائی کا حکم دیا گیا ہے۔ اجلاس میں ترقیاتی منصوبوں کی رفتار کا جائزہ لیا گیا اور بروقت تکمیل کیلئے سختی سے ہدایت کی گئی۔ شہریوں نے اس اقدام کو سراہا ہے اور امید ظاہر کی ہے کہ مسائل جلد حل ہوں گے۔

—— سیاست ——
34

ہمارے معاشرے میں عوامی مسائل کے حل کیلئے حکومت کی جانب سے اقدامات کئے جارہے ہیں، ضلعی انتظامیہ نے شہریوں کو بنیادی سہولیات کی فراہمی یقینی بنانے کیلئے ہدایات جاری کر دیں اور متعلقہ محکموں کو فوری کارروائی کا حکم دیا گیا ہے۔ اجلاس میں ترقیاتی منصوبوں کی رفتار کا جائزہ لیا گیا اور بروقت تکمیل کیلئے سختی سے ہدایت کی گئی۔ شہریوں نے اس اقدام کو سراہا ہے اور امید ظاہر کی ہے کہ مسائل جلد حل ہوں گے۔

—— سیاست ——
35

ہمارے معاشرے میں عوامی مسائل کے حل کیلئے حکومت کی جانب سے اقدامات کئے جارہے ہیں، ضلعی انتظامیہ نے شہریوں کو بنیادی سہولیات کی فراہمی یقینی بنانے کیلئے ہدایات جاری کر دیں اور متعلقہ محکموں کو فوری کارروائی کا حکم دیا گیا ہے۔ اجلاس میں ترقیاتی منصوبوں کی رفتار کا جائزہ لیا گیا اور بروقت تکمیل کیلئے سختی سے ہدایت کی گئی۔ شہریوں نے اس

—— سیاست ——
36

ہمارے معاشرے میں عوامی مسائل کے حل کیلئے حکومت کی جانب سے اقدامات کئے جارہے ہیں، ضلعی انتظامیہ نے شہریوں کو بنیادی سہولیات کی فراہمی یقینی بنانے کیلئے ہدایات جاری کر

—— سیاست ——
37

ہمارے معاشرے میں عوامی مسائل کے حل کیلئے حکومت کی جانب سے اقدامات کئے جارہے ہیں، ضلعی انتظامیہ نے شہریوں کو بنیادی سہولیات کی فراہمی یقینی بنانے کیلئے ہدایات جاری کر دیں اور متعلقہ محکموں کو فوری کارروائی کا حکم دیا گیا ہے۔ اجلاس میں ترقیاتی منصوبوں کی رفتار کا جائزہ لیا گیا اور بروقت تکمیل کیلئے سختی سے ہدایت کی گئی۔ شہریوں نے اس اقدام کو سراہا ہے اور امید ظاہر کی ہے کہ مسائل جلد حل ہوں گے۔

—— سیاست ——
38

ہمارے معاشرے میں عوامی مسائل کے حل کیلئے حکومت کی جانب سے اقدامات کئے جارہے ہیں، ضلعی انتظامیہ نے شہریوں کو بنیادی سہولیات کی فراہمی یقینی بنانے کیلئے ہدایات جاری کر دیں اور متعلقہ محکموں کو فوری کارروائی کا حکم دیا گیا ہے۔ اجلاس میں ترقیاتی منصوبوں کی رفتار کا جائزہ لیا گیا اور بروقت تکمیل کیلئے سختی سے ہدایت کی گئی۔ شہریوں نے اس

ہمارے معاشرے میں عوامی مسائل کے حل کیلئے حکومت کی جانب سے اقدامات کئے جارہے ہیں، ضلعی انتظامیہ نے شہریوں کو بنیادی سہولیات کی فراہمی یقینی بنانے کیلئے ہدایات جاری کر دیں اور متعلقہ محکموں کو فوری کارروائی کا حکم دیا گیا ہے۔ اجلاس میں ترقیاتی منصوبوں کی رفتار کا جائزہ لیا گیا اور بروقت تکمیل کیلئے سختی سے ہدایت کی گئی۔ شہریوں نے اس اقدام کو سراہا ہے اور امید ظاہر کی ہے کہ مسائل جلد حل ہوں گے۔ ہمارے معاشرے میں عوامی مسائل کے حل کیلئے حکومت کی جانب سے اقدامات کئے جارہے ہیں، ضلعی انتظامیہ نے شہریوں کو بنیادی

—— سیاست ——
40

ہمارے معاشرے میں عوامی مسائل کے حل کیلئے حکومت کی جانب سے اقدامات کئے جارہے ہیں، ضلعی انتظامیہ نے شہریوں کو بنیادی سہولیات کی فراہمی یقینی بنانے کیلئے ہدایات جاری کر دیں اور متعلقہ محکموں کو فوری کارروائی کا حکم دیا گیا ہے۔ اجلاس میں ترقیاتی منصوبوں کی رفتار کا جائزہ لیا گیا اور بروقت تکمیل کیلئے سختی سے ہدایت کی گئی۔ شہریوں نے اس اقدام کو سراہا

—— سیاست ——
41

ہمارے معاشرے میں عوامی مسائل کے حل کیلئے حکومت کی جانب سے اقدامات کئے جارہے ہیں، ضلعی انتظامیہ نے شہریوں کو بنیادی سہولیات کی فراہمی یقینی بنانے کیلئے ہدایات جاری کر دیں اور متعلقہ محکموں کو فوری کارروائی کا حکم دیا گیا ہے۔ اجلاس میں ترقیاتی منصوبوں کی رفتار کا جائزہ لیا گیا اور بروقت تکمیل کیلئے سختی سے ہدایت کی گئی۔ شہریوں نے اس اقدام کو سراہا ہے اور امید ظاہر کی ہے کہ مسائل جلد حل ہوں گے۔

—— سیاست ——
42

ہمارے معاشرے میں عوامی مسائل کے حل کیلئے حکومت کی جانب سے اقدامات کئے جارہے ہیں، ضلعی انتظامیہ نے شہریوں کو بنیادی سہولیات کی فراہمی یقینی بنانے کیلئے ہدایات جاری کر دیں اور

—— سیاست ——
43

ہمارے معاشرے میں عوامی مسائل کے حل کیلئے حکومت کی جانب سے اقدامات کئے جارہے ہیں، ضلعی انتظامیہ نے شہریوں کو بنیادی سہولیات کی فراہمی یقینی بنانے کیلئے ہدایات جاری کر دیں اور متعلقہ محکموں کو فوری کارروائی کا حکم دیا گیا ہے۔ اجلاس میں ترقیاتی منصوبوں کی رفتار کا جائزہ لیا گیا اور بروقت تکمیل کیلئے سختی سے ہدایت کی گئی۔ شہریوں نے اس اقدام کو سراہا

—— سیاست ——
44

ہمارے معاشرے میں عوامی مسائل کے حل کیلئے حکومت کی جانب سے اقدامات کئے جارہے ہیں، ضلعی انتظامیہ نے شہریوں کو بنیادی سہولیات کی فراہمی یقینی بنانے کیلئے ہدایات جاری کر دیں اور متعلقہ محکموں کو فوری کارروائی کا حکم دیا گیا ہے۔ اجلاس میں ترقیاتی منصوبوں کی رفتار کا جائزہ لیا گیا اور بروقت تکمیل کیلئے سختی سے ہدایت کی گئی۔ شہریوں نے اس اقدام کو سراہا ہے اور امید ظاہر کی ہے کہ مسائل جلد حل ہوں گے۔ ہمارے معاشرے میں عوامی مسائل کے حل کیلئے حکومت کی جانب سے اقدامات کئے جارہے ہیں، ضلعی انتظامیہ نے شہریوں کو بنیادی

—— سیاست ——
45

ہمارے معاشرے میں عوامی مسائل کے حل کیلئے حکومت کی جانب سے اقدامات کئے جارہے ہیں، ضلعی انتظامیہ نے شہریوں کو بنیادی سہولیات کی فراہمی یقینی بنانے کیلئے ہدایات جاری کر دیں اور متعلقہ محکموں کو فوری کارروائی کا حکم دیا گیا ہے۔ اجلاس میں ترقیاتی منصوبوں کی رفتار کا جائزہ لیا گیا اور بروقت تکمیل کیلئے سختی سے ہدایت کی گئی۔ شہریوں نے اس اقدام کو سراہا ہے اور امید ظاہر کی ہے کہ مسائل جلد حل ہوں گے۔ ہمارے معاشرے میں عوامی مسائل کے حل کیلئے حکومت کی جانب سے اقدامات کئے جارہے ہیں، ضلعی انتظامیہ نے شہریوں کو بنیادی سہولیات کی فراہمی یقینی بنانے کیلئے ہدایات جاری کر دیں اور متعلقہ محکموں کو فوری

—— سیاست ——
46

ہمارے معاشرے میں عوامی مسائل کے حل کیلئے حکومت کی جانب سے اقدامات کئے جارہے ہیں، ضلعی انتظامیہ نے شہریوں کو بنیادی سہولیات کی فراہمی یقینی بنانے کیلئے ہدایات جاری کر دیں اور متعلقہ محکموں کو فوری کارروائی کا حکم دیا گیا ہے۔ اجلاس میں ترقیاتی منصوبوں کی رفتار کا جائزہ لیا گیا اور بروقت تکمیل کیلئے سختی سے ہدایت کی گئی۔ شہریوں نے اس اقدام کو سراہا

—— سیاست ——
47

ہمارے معاشرے میں عوامی مسائل کے حل کیلئے حکومت کی جانب سے اقدامات کئے جارہے ہیں، ضلعی انتظامیہ نے شہریوں کو بنیادی سہولیات کی فراہمی یقینی بنانے کیلئے ہدایات جاری کر دیں اور متعلقہ محکموں کو فوری کارروائی کا حکم دیا گیا ہے۔ اجلاس میں ترقیاتی منصوبوں کی رفتار کا جائزہ لیا گیا اور بروقت تکمیل کیلئے سختی سے ہدایت کی گئی۔ شہریوں نے اس اقدام کو سراہا ہے اور امید ظاہر کی ہے کہ مسائل جلد حل ہوں گے۔

—— سیاست ——
48

ہمارے معاشرے میں عوامی مسائل کے حل کیلئے حکومت کی جانب سے اقدامات کئے جارہے ہیں، ضلعی انتظامیہ نے شہریوں کو بنیادی سہولیات کی فراہمی یقینی بنانے کیلئے ہدایات جاری کر دیں اور متعلقہ محکموں کو فوری کارروائی کا حکم دیا گیا ہے۔ اجلاس میں ترقیاتی منصوبوں کی رفتار کا جائزہ لیا گیا اور بروقت تکمیل کیلئے سختی سے ہدایت کی گئی۔ شہریوں نے اس اقدام کو سراہا ہے اور امید ظاہر کی ہے کہ مسائل جلد حل ہوں گے۔ ہمارے معاشرے میں عوامی مسائل کے حل کیلئے حکومت کی جانب سے اقدامات کئے جارہے ہیں، ضلعی انتظامیہ نے شہریوں کو بنیادی سہولیات کی فراہمی یقینی بنانے کیلئے ہدایات جاری کر دیں اور متعلقہ محکموں کو فوری کارروائی کا حکم دیا گیا ہے۔ اجلاس میں ترقیاتی منصوبوں کی رفتار کا جائزہ لیا گیا اور بروقت تکمیل کیلئے سختی سے ہدایت کی گئی۔ شہریوں نے اس اقدام کو سراہا ہے اور امید ظاہر کی ہے کہ مسائل جلد حل ہوں گے۔ ہمارے معاشرے میں عوامی مسائل کے حل کیلئے حکومت کی جانب سے اقدامات کئے جارہے ہیں، ضلعی انتظامیہ نے شہریوں کو بنیادی سہولیات کی فراہمی یقینی بنانے کیلئے ہدایات جاری کر دیں اور متعلقہ محکموں کو فوری کارروائی کا حکم دیا گیا ہے۔

—— سیاست ——
49

ہمارے معاشرے میں عوامی مسائل کے حل کیلئے حکومت کی جانب سے اقدامات کئے جارہے ہیں، ضلعی انتظامیہ نے شہریوں کو بنیادی سہولیات کی فراہمی یقینی بنانے کیلئے ہدایات جاری کر دیں اور

—— سیاست ——
50

ہمارے معاشرے میں عوامی مسائل کے حل کیلئے حکومت کی جانب سے اقدامات کئے جارہے ہیں، ضلعی انتظامیہ نے شہریوں کو بنیادی سہولیات کی فراہمی یقینی بنانے کیلئے ہدایات جاری کر دیں اور متعلقہ محکموں کو فوری کارروائی کا حکم دیا گیا ہے۔ اجلاس میں ترقیاتی منصوبوں کی رفتار کا جائزہ لیا گیا اور بروقت تکمیل کیلئے سختی سے ہدایت کی گئی۔ شہریوں نے اس اقدام کو سراہا ہے اور امید ظاہر کی ہے کہ مسائل جلد حل ہوں گے۔

—— سیاست ——
51

ہمارے معاشرے میں عوامی مسائل کے حل کیلئے حکومت کی جانب سے اقدامات کئے جارہے ہیں، ضلعی انتظامیہ نے شہریوں کو بنیادی سہولیات کی فراہمی یقینی بنانے کیلئے ہدایات جاری کر دیں اور متعلقہ محکموں کو فوری کارروائی کا حکم دیا گیا ہے۔ اجلاس میں ترقیاتی منصوبوں کی رفتار کا جائزہ لیا گیا اور بروقت تکمیل کیلئے سختی سے ہدایت کی گئی۔ شہریوں نے اس اقدام کو سراہا ہے اور امید ظاہر کی ہے کہ مسائل جلد حل ہوں گے۔ ہمارے معاشرے میں عوامی مسائل کے حل کیلئے حکومت کی جانب سے اقدامات کئے جارہے ہیں، ضلعی انتظامیہ نے شہریوں کو بنیادی

ہمارے معاشرے میں عوامی مسائل کے حل کیلئے حکومت کی جانب سے اقدامات کئے جارہے ہیں، ضلعی انتظامیہ نے شہریوں کو بنیادی سہولیات کی فراہمی یقینی بنانے کیلئے ہدایات جاری کر دیں اور متعلقہ محکموں کو فوری کارروائی کا حکم دیا گیا ہے۔ اجلاس میں ترقیاتی منصوبوں کی رفتار کا جائزہ لیا گیا اور بروقت تکمیل کیلئے سختی سے ہدایت کی گئی۔ شہریوں نے اس

—— سیاست ——
53

ہمارے معاشرے میں عوامی مسائل کے حل کیلئے حکومت کی جانب سے اقدامات کئے جارہے ہیں، ضلعی انتظامیہ نے شہریوں کو بنیادی سہولیات کی فراہمی یقینی بنانے کیلئے ہدایات جاری کر دیں اور متعلقہ محکموں کو فوری کارروائی کا حکم دیا گیا ہے۔ اجلاس میں ترقیاتی منصوبوں

—— سیاست ——
54

ہمارے معاشرے میں عوامی مسائل کے حل کیلئے حکومت کی جانب سے اقدامات کئے جارہے ہیں، ضلعی انتظامیہ نے شہریوں کو بنیادی سہولیات کی فراہمی یقینی بنانے کیلئے ہدایات جاری کر

—— سیاست ——
55

ہمارے معاشرے میں عوامی مسائل کے حل کیلئے حکومت کی جانب سے اقدامات کئے جارہے ہیں، ضلعی انتظامیہ نے شہریوں کو بنیادی سہولیات کی فراہمی یقینی بنانے کیلئے ہدایات جاری کر دیں اور متعلقہ محکموں کو فوری کارروائی کا حکم دیا گیا ہے۔ اجلاس میں ترقیاتی منصوبوں کی رفتار کا جائزہ لیا گیا اور بروقت تکمیل کیلئے سختی سے ہدایت کی گئی۔ شہریوں نے اس اقدام کو سراہا ہے اور امید ظاہر کی ہے کہ مسائل جلد حل ہوں گے۔

—— سیاست ——
56

ہمارے معاشرے میں عوامی مسائل کے حل کیلئے حکومت کی جانب سے اقدامات کئے جارہے ہیں، ضلعی انتظامیہ نے شہریوں کو بنیادی سہولیات کی فراہمی یقینی بنانے کیلئے ہدایات جاری کر دیں اور متعلقہ محکموں کو فوری کارروائی کا حکم دیا گیا ہے۔ اجلاس میں ترقیاتی منصوبوں

—— سیاست ——
57

ہمارے معاشرے میں عوامی مسائل کے حل کیلئے حکومت کی جانب سے اقدامات کئے جارہے ہیں، ضلعی انتظامیہ نے شہریوں کو بنیادی سہولیات کی فراہمی یقینی بنانے کیلئے ہدایات جاری کر دیں اور متعلقہ محکموں کو فوری کارروائی کا حکم دیا گیا ہے۔ اجلاس میں ترقیاتی منصوبوں

—— سیاست ——
58

ہمارے معاشرے میں عوامی مسائل کے حل کیلئے حکومت کی جانب سے اقدامات کئے جارہے ہیں، ضلعی انتظامیہ نے شہریوں کو بنیادی سہولیات کی فراہمی یقینی بنانے کیلئے ہدایات جاری کر دیں اور متعلقہ محکموں کو فوری کارروائی کا حکم دیا گیا ہے۔ اجلاس میں ترقیاتی منصوبوں

—— سیاست ——
59

ہمارے معاشرے میں عوامی مسائل کے حل کیلئے حکومت کی جانب سے اقدامات کئے جارہے ہیں، ضلعی انتظامیہ نے شہریوں کو بنیادی سہولیات کی فراہمی یقینی بنانے کیلئے ہدایات جاری کر

—— سیاست ——
60

ہمارے معاشرے میں عوامی مسائل کے حل کیلئے حکومت کی جانب سے اقدامات کئے جارہے ہیں، ضلعی انتظامیہ نے شہریوں کو بنیادی سہولیات کی فراہمی یقینی بنانے کیلئے ہدایات جاری کر

—— سیاست ——
61

ہمارے معاشرے میں عوامی مسائل کے حل کیلئے حکومت کی جانب سے اقدامات کئے جارہے ہیں، ضلعی انتظامیہ نے شہریوں کو بنیادی سہولیات کی فراہمی یقینی بنانے کیلئے ہدایات جاری کر دیں اور متعلقہ محکموں کو فوری کارروائی کا حکم دیا گیا ہے۔ اجلاس میں ترقیاتی منصوبوں کی رفتار کا جائزہ لیا گیا اور بروقت تکمیل کیلئے سختی سے ہدایت کی گئی۔ شہریوں نے اس اقدام کو سراہا ہے اور امید ظاہر کی ہے کہ مسائل جلد حل ہوں گے۔ ہمارے معاشرے میں عوامی مسائل کے حل کیلئے حکومت کی جانب سے اقدامات کئے جارہے ہیں، ضلعی انتظامیہ نے

—— سیاست ——
62

ہمارے معاشرے میں عوامی مسائل کے حل کیلئے حکومت کی جانب سے اقدامات کئے جارہے ہیں، ضلعی انتظامیہ نے شہریوں کو بنیادی سہولیات کی فراہمی یقینی بنانے کیلئے ہدایات جاری کر دیں اور متعلقہ محکموں کو فوری کارروائی کا حکم دیا گیا ہے۔ اجلاس میں ترقیاتی منصوبوں کی رفتار کا جائزہ لیا گیا اور بروقت تکمیل کیلئے سختی سے ہدایت کی گئی۔ شہریوں نے اس

—— سیاست ——
63

ہمارے معاشرے میں عوامی مسائل کے حل کیلئے حکومت کی جانب سے اقدامات کئے جارہے ہیں، ضلعی انتظامیہ نے شہریوں کو بنیادی سہولیات کی فراہمی یقینی بنانے کیلئے ہدایات جاری کر دیں اور متعلقہ محکموں کو فوری کارروائی کا حکم دیا گیا ہے۔ اجلاس میں ترقیاتی منصوبوں کی رفتار کا جائزہ لیا گیا اور بروقت تکمیل کیلئے سختی سے ہدایت کی گئی۔ شہریوں نے اس اقدام کو سراہا ہے اور امید ظاہر کی ہے کہ مسائل جلد حل ہوں گے۔

—— سیاست ——
64

ہمارے معاشرے میں عوامی مسائل کے حل کیلئے حکومت کی جانب سے اقدامات کئے جارہے ہیں، ضلعی انتظامیہ نے شہریوں کو بنیادی سہولیات کی فراہمی یقینی بنانے کیلئے ہدایات جاری کر دیں اور متعلقہ محکموں کو فوری کارروائی کا حکم دیا گیا ہے۔ اجلاس میں ترقیاتی منصوبوں

—— سیاست ——
65

ہمارے معاشرے میں عوامی مسائل کے حل کیلئے حکومت کی جانب سے اقدامات کئے جارہے ہیں، ضلعی انتظامیہ نے شہریوں کو بنیادی سہولیات کی فراہمی یقینی بنانے کیلئے ہدایات جاری کر دیں اور متعلقہ محکموں کو فوری کارروائی کا حکم دیا گیا ہے۔ اجلاس میں ترقیاتی منصوبوں

ہمارے معاشرے میں عوامی مسائل کے حل کیلئے حکومت کی جانب سے اقدامات کئے جارہے ہیں، ضلعی انتظامیہ نے شہریوں کو بنیادی سہولیات کی فراہمی یقینی بنانے کیلئے ہدایات جاری کر دیں اور متعلقہ محکموں کو فوری کارروائی کا حکم دیا گیا ہے۔ اجلاس میں ترقیاتی منصوبوں کی رفتار کا جائزہ لیا گیا اور بروقت تکمیل کیلئے سختی سے ہدایت کی گئی۔ شہریوں نے اس اقدام کو سراہا ہے اور امید ظاہر کی ہے کہ مسائل جلد حل ہوں گے۔ ہمارے معاشرے میں عوامی مسائل کے حل کیلئے حکومت کی جانب سے اقدامات کئے جارہے ہیں، ضلعی انتظامیہ نے شہریوں کو بنیادی سہولیات کی فراہمی یقینی بنانے کیلئے ہدایات جاری کر دیں اور متعلقہ محکموں کو فوری کارروائی کا حکم دیا گیا ہے۔ اجلاس میں ترقیاتی منصوبوں کی رفتار کا جائزہ لیا گیا اور بروقت تکمیل کیلئے سختی سے ہدایت کی گئی۔ شہریوں نے اس اقدام کو سراہا ہے اور امید ظاہر کی ہے کہ مسائل جلد حل ہوں گے۔ ہمارے معاشرے میں عوامی مسائل کے حل کیلئے حکومت کی جانب سے اقدامات کئے جارہے ہیں، ضلعی انتظامیہ نے شہریوں کو بنیادی سہولیات کی فراہمی یقینی بنانے کیلئے ہدایات جاری کر دیں اور متعلقہ محکموں کو فوری کارروائی کا حکم دیا گیا ہے۔ اجلاس میں ترقیاتی منصوبوں کی رفتار کا جائزہ لیا گیا اور بروقت تکمیل کیلئے سختی سے ہدایت کی گئی۔ شہریوں نے اس اقدام کو سراہا ہے اور امید ظاہر کی ہے کہ مسائل جلد حل ہوں گے۔ ہمارے معاشرے میں عوامی مسائل کے حل کیلئے حکومت کی جانب سے اقدامات کئے جارہے ہیں، ضلعی انتظامیہ نے شہریوں کو بنیادی سہولیات کی فراہمی یقینی بنانے کیلئے ہدایات جاری کر دیں اور متعلقہ محکموں کو فوری کارروائی کا حکم دیا گیا ہے۔ اجلاس میں

—— سیاست ——
67

ہمارے معاشرے میں عوامی مسائل کے حل کیلئے حکومت کی جانب سے اقدامات کئے جارہے ہیں، ضلعی انتظامیہ نے شہریوں کو بنیادی سہولیات کی فراہمی یقینی بنانے کیلئے ہدایات جاری کر دیں اور متعلقہ محکموں کو فوری کارروائی کا حکم دیا گیا ہے۔ اجلاس میں ترقیاتی منصوبوں کی رفتار کا جائزہ لیا گیا اور بروقت تکمیل کیلئے سختی سے ہدایت کی گئی۔ شہریوں نے اس اقدام کو سراہا ہے اور امید ظاہر کی ہے کہ مسائل جلد حل ہوں گے۔ ہمارے معاشرے میں عوامی مسائل کے حل کیلئے حکومت کی جانب سے اقدامات کئے جارہے ہیں، ضلعی انتظامیہ نے شہریوں کو بنیادی سہولیات کی فراہمی یقینی بنانے کیلئے ہدایات جاری کر دیں اور متعلقہ محکموں کو فوری کارروائی کا حکم دیا گیا ہے۔ اجلاس میں ترقیاتی منصوبوں کی رفتار کا جائزہ لیا گیا اور بروقت تکمیل کیلئے سختی سے ہدایت کی گئی۔ شہریوں نے اس اقدام کو سراہا ہے اور امید ظاہر کی ہے کہ مسائل جلد حل ہوں گے۔ ہمارے معاشرے میں عوامی مسائل کے حل کیلئے حکومت کی جانب سے اقدامات کئے جارہے ہیں، ضلعی انتظامیہ نے شہریوں کو بنیادی سہولیات کی فراہمی یقینی بنانے کیلئے ہدایات جاری کر دیں اور متعلقہ محکموں کو

—— سیاست ——
68

ہمارے معاشرے میں عوامی مسائل کے حل کیلئے حکومت کی جانب سے اقدامات کئے جارہے ہیں، ضلعی انتظامیہ نے شہریوں کو بنیادی سہولیات کی فراہمی یقینی بنانے کیلئے ہدایات جاری کر دیں اور متعلقہ محکموں کو فوری کارروائی کا حکم دیا گیا ہے۔ اجلاس میں ترقیاتی منصوبوں کی رفتار کا جائزہ لیا گیا اور بروقت تکمیل کیلئے سختی سے ہدایت کی گئی۔ شہریوں نے اس اقدام کو سراہا ہے اور امید ظاہر کی ہے کہ مسائل جلد حل ہوں گے۔ ہمارے معاشرے میں عوامی مسائل کے حل کیلئے حکومت کی جانب سے اقدامات کئے جارہے ہیں، ضلعی انتظامیہ نے شہریوں کو بنیادی سہولیات کی فراہمی یقینی بنانے کیلئے ہدایات جاری کر دیں اور متعلقہ محکموں کو فوری کارروائی کا حکم دیا گیا ہے۔ اجلاس میں ترقیاتی منصوبوں کی رفتار کا جائزہ لیا گیا اور بروقت تکمیل کیلئے سختی سے ہدایت کی گئی۔ شہریوں نے اس اقدام کو سراہا ہے اور امید ظاہر کی ہے کہ مسائل جلد حل ہوں گے۔ ہمارے معاشرے میں عوامی مسائل کے حل کیلئے حکومت کی جانب سے اقدامات کئے جارہے ہیں، ضلعی انتظامیہ نے شہریوں کو بنیادی سہولیات کی فراہمی یقینی بنانے کیلئے ہدایات جاری کر دیں اور متعلقہ محکموں کو فوری کارروائی کا حکم دیا گیا ہے۔ اجلاس میں ترقیاتی منصوبوں کی رفتار کا جائزہ لیا گیا اور بروقت تکمیل کیلئے سختی سے ہدایت کی گئی۔ شہریوں نے اس اقدام کو سراہا ہے اور امید ظاہر کی ہے کہ مسائل جلد حل ہوں گے۔ ہمارے معاشرے میں عوامی مسائل کے حل کیلئے حکومت کی جانب سے اقدامات کئے جارہے ہیں، ضلعی انتظامیہ نے شہریوں کو بنیادی سہولیات کی فراہمی یقینی بنانے

—— سیاست ——
69

ہمارے معاشرے میں عوامی مسائل کے حل کیلئے حکومت کی جانب سے اقدامات کئے جارہے ہیں، ضلعی انتظامیہ نے شہریوں کو بنیادی سہولیات کی فراہمی یقینی بنانے کیلئے ہدایات جاری کر دیں اور متعلقہ محکموں کو فوری کارروائی کا حکم دیا گیا ہے۔ اجلاس میں ترقیاتی منصوبوں کی رفتار کا جائزہ لیا گیا اور بروقت تکمیل کیلئے سختی سے ہدایت کی گئی۔ شہریوں نے اس اقدام کو سراہا ہے اور امید ظاہر کی ہے کہ مسائل جلد حل ہوں گے۔ ہمارے معاشرے میں عوامی مسائل کے حل کیلئے حکومت کی جانب سے اقدامات کئے جارہے ہیں، ضلعی انتظامیہ نے شہریوں کو بنیادی سہولیات کی فراہمی یقینی بنانے کیلئے ہدایات جاری کر دیں اور متعلقہ محکموں کو فوری کارروائی کا حکم دیا گیا ہے۔ اجلاس میں ترقیاتی منصوبوں کی رفتار کا جائزہ لیا گیا اور بروقت تکمیل کیلئے سختی سے ہدایت کی گئی۔ شہریوں نے اس اقدام کو سراہا ہے اور امید ظاہر کی ہے کہ مسائل جلد حل ہوں گے۔ ہمارے معاشرے میں عوامی مسائل کے حل کیلئے حکومت کی جانب سے اقدامات کئے جارہے ہیں، ضلعی انتظامیہ نے

—— سیاست ——
70

ہمارے معاشرے میں عوامی مسائل کے حل کیلئے حکومت کی جانب سے اقدامات کئے جارہے ہیں، ضلعی انتظامیہ نے شہریوں کو بنیادی سہولیات کی فراہمی یقینی بنانے کیلئے ہدایات جاری کر دیں اور متعلقہ محکموں کو فوری کارروائی کا حکم دیا گیا ہے۔ اجلاس میں ترقیاتی منصوبوں کی رفتار کا جائزہ لیا گیا اور بروقت تکمیل کیلئے سختی سے ہدایت کی گئی۔ شہریوں نے اس اقدام کو سراہا ہے اور امید ظاہر کی ہے کہ مسائل جلد حل ہوں گے۔ ہمارے معاشرے میں عوامی مسائل کے حل کیلئے حکومت کی جانب سے اقدامات کئے جارہے ہیں، ضلعی انتظامیہ نے شہریوں کو بنیادی سہولیات کی فراہمی یقینی بنانے کیلئے ہدایات جاری کر دیں اور متعلقہ محکموں کو فوری کارروائی کا حکم دیا گیا ہے۔ اجلاس میں ترقیاتی منصوبوں کی رفتار کا جائزہ لیا گیا اور بروقت تکمیل کیلئے سختی سے ہدایت کی گئی۔ شہریوں نے اس اقدام کو سراہا ہے

—— سیاست ——
71

ہمارے معاشرے میں عوامی مسائل کے حل کیلئے حکومت کی جانب سے اقدامات کئے جارہے ہیں، ضلعی انتظامیہ نے شہریوں کو بنیادی سہولیات کی فراہمی یقینی بنانے کیلئے ہدایات جاری کر دیں اور متعلقہ محکموں کو فوری کارروائی کا حکم دیا گیا ہے۔ اجلاس میں ترقیاتی منصوبوں کی رفتار کا جائزہ لیا گیا اور بروقت تکمیل کیلئے سختی سے ہدایت کی گئی۔ شہریوں نے اس اقدام کو سراہا ہے اور امید ظاہر کی ہے کہ مسائل جلد حل ہوں گے۔ ہمارے معاشرے میں عوامی مسائل کے حل کیلئے حکومت کی جانب سے اقدامات کئے جارہے ہیں، ضلعی انتظامیہ نے شہریوں کو بنیادی سہولیات کی فراہمی یقینی بنانے کیلئے ہدایات جاری کر دیں اور متعلقہ

—— سیاست ——
72

ہمارے معاشرے میں عوامی مسائل کے حل کیلئے حکومت کی جانب سے اقدامات کئے جارہے ہیں، ضلعی انتظامیہ نے شہریوں کو بنیادی سہولیات کی فراہمی یقینی بنانے کیلئے ہدایات جاری کر دیں اور متعلقہ محکموں کو فوری کارروائی کا حکم دیا گیا ہے۔ اجلاس میں ترقیاتی منصوبوں کی رفتار کا جائزہ لیا گیا اور بروقت تکمیل کیلئے سختی سے ہدایت کی گئی۔ شہریوں نے اس اقدام کو سراہا ہے اور امید ظاہر کی ہے کہ مسائل جلد حل ہوں گے۔ ہمارے معاشرے میں عوامی مسائل کے حل کیلئے حکومت کی جانب سے اقدامات کئے جارہے ہیں، ضلعی انتظامیہ نے شہریوں کو بنیادی سہولیات کی فراہمی یقینی بنانے کیلئے ہدایات جاری کر دیں اور متعلقہ محکموں کو فوری کارروائی کا حکم دیا گیا ہے۔ اجلاس میں ترقیاتی منصوبوں کی رفتار کا جائزہ لیا گیا اور بروقت تکمیل کیلئے سختی سے ہدایت کی گئی۔ شہریوں نے اس اقدام کو سراہا ہے اور امید ظاہر کی ہے کہ مسائل جلد حل ہوں گے۔ ہمارے معاشرے میں عوامی مسائل کے حل کیلئے حکومت کی جانب سے اقدامات کئے جارہے ہیں، ضلعی انتظامیہ نے شہریوں کو بنیادی سہولیات کی فراہمی یقینی بنانے کیلئے ہدایات جاری کر دیں اور متعلقہ محکموں کو فوری کارروائی کا حکم دیا گیا ہے۔ اجلاس میں ترقیاتی منصوبوں کی رفتار کا جائزہ لیا گیا اور بروقت تکمیل کیلئے سختی سے ہدایت کی گئی۔ شہریوں نے اس اقدام کو سراہا ہے اور امید ظاہر کی ہے کہ مسائل جلد حل ہوں گے۔ ہمارے معاشرے میں عوامی مسائل کے حل کیلئے

—— سیاست ——
73

ہمارے معاشرے میں عوامی مسائل کے حل کیلئے حکومت کی جانب سے اقدامات کئے جارہے ہیں، ضلعی انتظامیہ نے شہریوں کو بنیادی سہولیات کی فراہمی یقینی بنانے کیلئے ہدایات جاری کر دیں اور متعلقہ محکموں کو فوری کارروائی کا حکم دیا گیا ہے۔ اجلاس میں ترقیاتی منصوبوں کی رفتار کا جائزہ لیا گیا اور بروقت تکمیل کیلئے سختی سے ہدایت کی گئی۔ شہریوں نے اس اقدام کو سراہا ہے اور امید ظاہر کی ہے کہ مسائل جلد حل ہوں گے۔ ہمارے معاشرے میں عوامی مسائل کے حل کیلئے حکومت کی جانب سے اقدامات کئے جارہے ہیں، ضلعی انتظامیہ نے

—— سیاست ——
74

ہمارے معاشرے میں عوامی مسائل کے حل کیلئے حکومت کی جانب سے اقدامات کئے جارہے ہیں، ضلعی انتظامیہ نے شہریوں کو بنیادی سہولیات کی فراہمی یقینی بنانے کیلئے ہدایات جاری کر دیں اور متعلقہ محکموں کو فوری کارروائی کا حکم دیا گیا ہے۔ اجلاس میں ترقیاتی منصوبوں کی رفتار کا جائزہ لیا گیا اور بروقت تکمیل کیلئے سختی سے ہدایت کی گئی۔ شہریوں نے اس اقدام کو سراہا ہے اور امید ظاہر کی ہے کہ مسائل جلد حل ہوں گے۔ ہمارے معاشرے میں عوامی مسائل کے حل کیلئے حکومت کی جانب سے اقدامات کئے جارہے ہیں، ضلعی انتظامیہ نے شہریوں کو بنیادی سہولیات کی فراہمی یقینی بنانے کیلئے ہدایات جاری کر دیں اور متعلقہ

—— سیاست ——
75

ہمارے معاشرے میں عوامی مسائل کے حل کیلئے حکومت کی جانب سے اقدامات کئے جارہے ہیں، ضلعی انتظامیہ نے شہریوں کو بنیادی سہولیات کی فراہمی یقینی بنانے کیلئے ہدایات جاری کر دیں اور متعلقہ محکموں کو فوری کارروائی کا حکم دیا گیا ہے۔ اجلاس میں ترقیاتی منصوبوں

—— سیاست ——
76

ہمارے معاشرے میں عوامی مسائل کے حل کیلئے حکومت کی جانب سے اقدامات کئے جارہے ہیں، ضلعی انتظامیہ نے شہریوں کو بنیادی سہولیات کی فراہمی یقینی بنانے کیلئے ہدایات جاری کر دیں اور متعلقہ محکموں کو فوری کارروائی کا حکم دیا گیا ہے۔ اجلاس میں ترقیاتی منصوبوں

—— سیاست ——
77

ہمارے معاشرے میں عوامی مسائل کے حل کیلئے حکومت کی جانب سے اقدامات کئے جارہے ہیں، ضلعی انتظامیہ نے شہریوں کو بنیادی سہولیات کی فراہمی یقینی بنانے کیلئے ہدایات جاری کر دیں اور متعلقہ محکموں کو فوری کارروائی کا حکم دیا گیا ہے۔ اجلاس میں ترقیاتی منصوبوں کی رفتار کا جائزہ لیا گیا اور بروقت تکمیل کیلئے سختی سے ہدایت کی گئی۔ شہریوں نے اس اقدام کو سراہا ہے اور امید ظاہر کی ہے کہ مسائل جلد حل ہوں گے۔ ہمارے معاشرے میں عوامی مسائل کے حل کیلئے حکومت کی جانب سے اقدامات کئے جارہے ہیں، ضلعی انتظامیہ نے شہریوں کو بنیادی سہولیات کی فراہمی یقینی بنانے کیلئے ہدایات جاری کر دیں اور متعلقہ محکموں کو فوری کارروائی کا حکم دیا گیا ہے۔ اجلاس میں ترقیاتی منصوبوں کی رفتار کا جائزہ لیا گیا اور بروقت تکمیل کیلئے سختی سے ہدایت کی گئی۔ شہریوں نے اس اقدام کو سراہا ہے اور امید ظاہر کی ہے کہ مسائل جلد حل ہوں گے۔ ہمارے معاشرے میں عوامی مسائل کے حل کیلئے حکومت کی جانب سے اقدامات کئے جارہے ہیں، ضلعی انتظامیہ نے شہریوں کو بنیادی سہولیات کی فراہمی یقینی بنانے کیلئے ہدایات جاری کر دیں اور متعلقہ محکموں کو فوری کارروائی کا حکم دیا گیا ہے۔ اجلاس میں ترقیاتی منصوبوں کی رفتار کا جائزہ لیا گیا اور بروقت تکمیل کیلئے سختی سے ہدایت کی گئی۔ شہریوں نے اس اقدام کو سراہا ہے اور امید

عدالت جناب چوہدری محمد افضل ایڈیشنل سیشن جج ہائی کورٹ مظفرآباد
18.07.2025 XXXX مسل نمبر
12.09.2025
درخواست دہندہ بنام عوام الناس۔ ہرگاہ درخواست گزار نے عدالت ہذا میں درخواست برائے جانشینی سرٹیفکیٹ گزاری ہے، لہذا بذریعہ اشتہار ہذا عوام الناس کو مطلع کیا جاتا ہے کہ اگر کسی کو اعتراض ہو تو بتاریخ مقررہ اصالتاً یا وکالتاً حاضر عدالت ہو کر اپنا عذر پیش کرے، بصورت دیگر کارروائی یکطرفہ عمل میں لائی جائے گی۔
درخواست دہندہ بنام عوام الناس۔ ہرگاہ درخواست گزار نے عدالت ہذا میں درخواست برائے جانشینی سرٹیفکیٹ گزاری ہے، لہذا بذریعہ اشتہار ہذا عوام الناس کو مطلع کیا جاتا ہے کہ اگر کسی کو اعتراض ہو تو بتاریخ مقررہ اصالتاً یا وکالتاً حاضر عدالت ہو کر اپنا عذر پیش کرے، بصورت دیگر کارروائی یکطرفہ عمل میں لائی جائے گی۔
12.09.2025
دستخط و مہر عدالت
★	★	★	★	★	★	★	★	★	★
